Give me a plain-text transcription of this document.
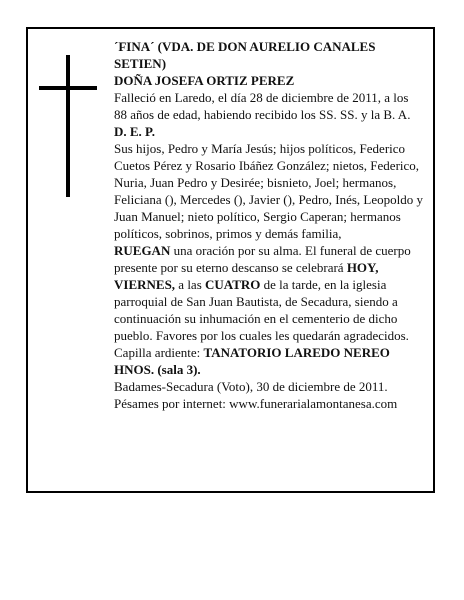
´FINA´ (VDA. DE DON AURELIO CANALES SETIEN)

DOÑA JOSEFA ORTIZ PEREZ

Falleció en Laredo, el día 28 de diciembre de 2011, a los 88 años de edad, habiendo recibido los SS. SS. y la B. A.

D. E. P.

Sus hijos, Pedro y María Jesús; hijos políticos, Federico Cuetos Pérez y Rosario Ibáñez González; nietos, Federico, Nuria, Juan Pedro y Desirée; bisnieto, Joel; hermanos, Feliciana (), Mercedes (), Javier (), Pedro, Inés, Leopoldo y Juan Manuel; nieto político, Sergio Caperan; hermanos políticos, sobrinos, primos y demás familia,

RUEGAN una oración por su alma. El funeral de cuerpo presente por su eterno descanso se celebrará HOY, VIERNES, a las CUATRO de la tarde, en la iglesia parroquial de San Juan Bautista, de Secadura, siendo a continuación su inhumación en el cementerio de dicho pueblo. Favores por los cuales les quedarán agradecidos. Capilla ardiente: TANATORIO LAREDO NEREO HNOS. (sala 3).

Badames-Secadura (Voto), 30 de diciembre de 2011.

Pésames por internet: www.funerarialamontanesa.com
